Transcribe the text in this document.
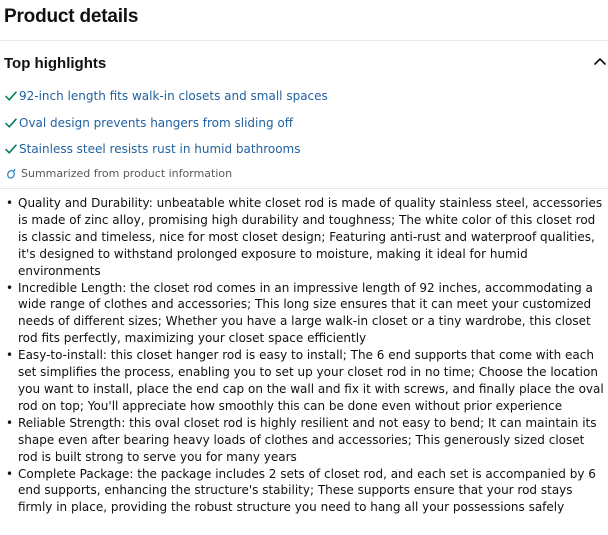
Product details
Top highlights
92-inch length fits walk-in closets and small spaces
Oval design prevents hangers from sliding off
Stainless steel resists rust in humid bathrooms
Summarized from product information
• Quality and Durability: unbeatable white closet rod is made of quality stainless steel, accessories is made of zinc alloy, promising high durability and toughness; The white color of this closet rod is classic and timeless, nice for most closet design; Featuring anti-rust and waterproof qualities, it's designed to withstand prolonged exposure to moisture, making it ideal for humid environments
• Incredible Length: the closet rod comes in an impressive length of 92 inches, accommodating a wide range of clothes and accessories; This long size ensures that it can meet your customized needs of different sizes; Whether you have a large walk-in closet or a tiny wardrobe, this closet rod fits perfectly, maximizing your closet space efficiently
• Easy-to-install: this closet hanger rod is easy to install; The 6 end supports that come with each set simplifies the process, enabling you to set up your closet rod in no time; Choose the location you want to install, place the end cap on the wall and fix it with screws, and finally place the oval rod on top; You'll appreciate how smoothly this can be done even without prior experience
• Reliable Strength: this oval closet rod is highly resilient and not easy to bend; It can maintain its shape even after bearing heavy loads of clothes and accessories; This generously sized closet rod is built strong to serve you for many years
• Complete Package: the package includes 2 sets of closet rod, and each set is accompanied by 6 end supports, enhancing the structure's stability; These supports ensure that your rod stays firmly in place, providing the robust structure you need to hang all your possessions safely
